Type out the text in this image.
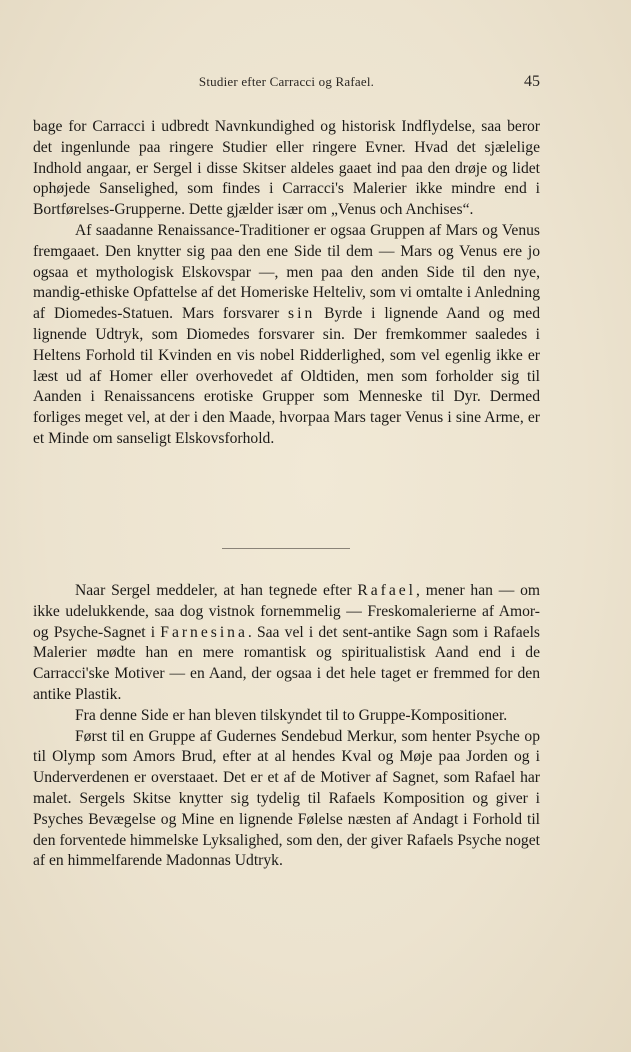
Studier efter Carracci og Rafael.	45

bage for Carracci i udbredt Navnkundighed og historisk Indflydelse, saa beror det ingenlunde paa ringere Studier eller ringere Evner. Hvad det sjælelige Indhold angaar, er Sergel i disse Skitser aldeles gaaet ind paa den drøje og lidet ophøjede Sanselighed, som findes i Carracci's Malerier ikke mindre end i Bortførelses-Grupperne. Dette gjælder især om „Venus och Anchises“.

Af saadanne Renaissance-Traditioner er ogsaa Gruppen af Mars og Venus fremgaaet. Den knytter sig paa den ene Side til dem — Mars og Venus ere jo ogsaa et mythologisk Elskovspar —, men paa den anden Side til den nye, mandig-ethiske Opfattelse af det Homeriske Helteliv, som vi omtalte i Anledning af Diomedes-Statuen. Mars forsvarer sin Byrde i lignende Aand og med lignende Udtryk, som Diomedes forsvarer sin. Der fremkommer saaledes i Heltens Forhold til Kvinden en vis nobel Ridderlighed, som vel egenlig ikke er læst ud af Homer eller overhovedet af Oldtiden, men som forholder sig til Aanden i Renaissancens erotiske Grupper som Menneske til Dyr. Dermed forliges meget vel, at der i den Maade, hvorpaa Mars tager Venus i sine Arme, er et Minde om sanseligt Elskovsforhold.

Naar Sergel meddeler, at han tegnede efter Rafael, mener han — om ikke udelukkende, saa dog vistnok fornemmelig — Freskomalerierne af Amor- og Psyche-Sagnet i Farnesina. Saa vel i det sent-antike Sagn som i Rafaels Malerier mødte han en mere romantisk og spiritualistisk Aand end i de Carracci'ske Motiver — en Aand, der ogsaa i det hele taget er fremmed for den antike Plastik.

Fra denne Side er han bleven tilskyndet til to Gruppe-Kompositioner.

Først til en Gruppe af Gudernes Sendebud Merkur, som henter Psyche op til Olymp som Amors Brud, efter at al hendes Kval og Møje paa Jorden og i Underverdenen er overstaaet. Det er et af de Motiver af Sagnet, som Rafael har malet. Sergels Skitse knytter sig tydelig til Rafaels Komposition og giver i Psyches Bevægelse og Mine en lignende Følelse næsten af Andagt i Forhold til den forventede himmelske Lyksalighed, som den, der giver Rafaels Psyche noget af en himmelfarende Madonnas Udtryk.
